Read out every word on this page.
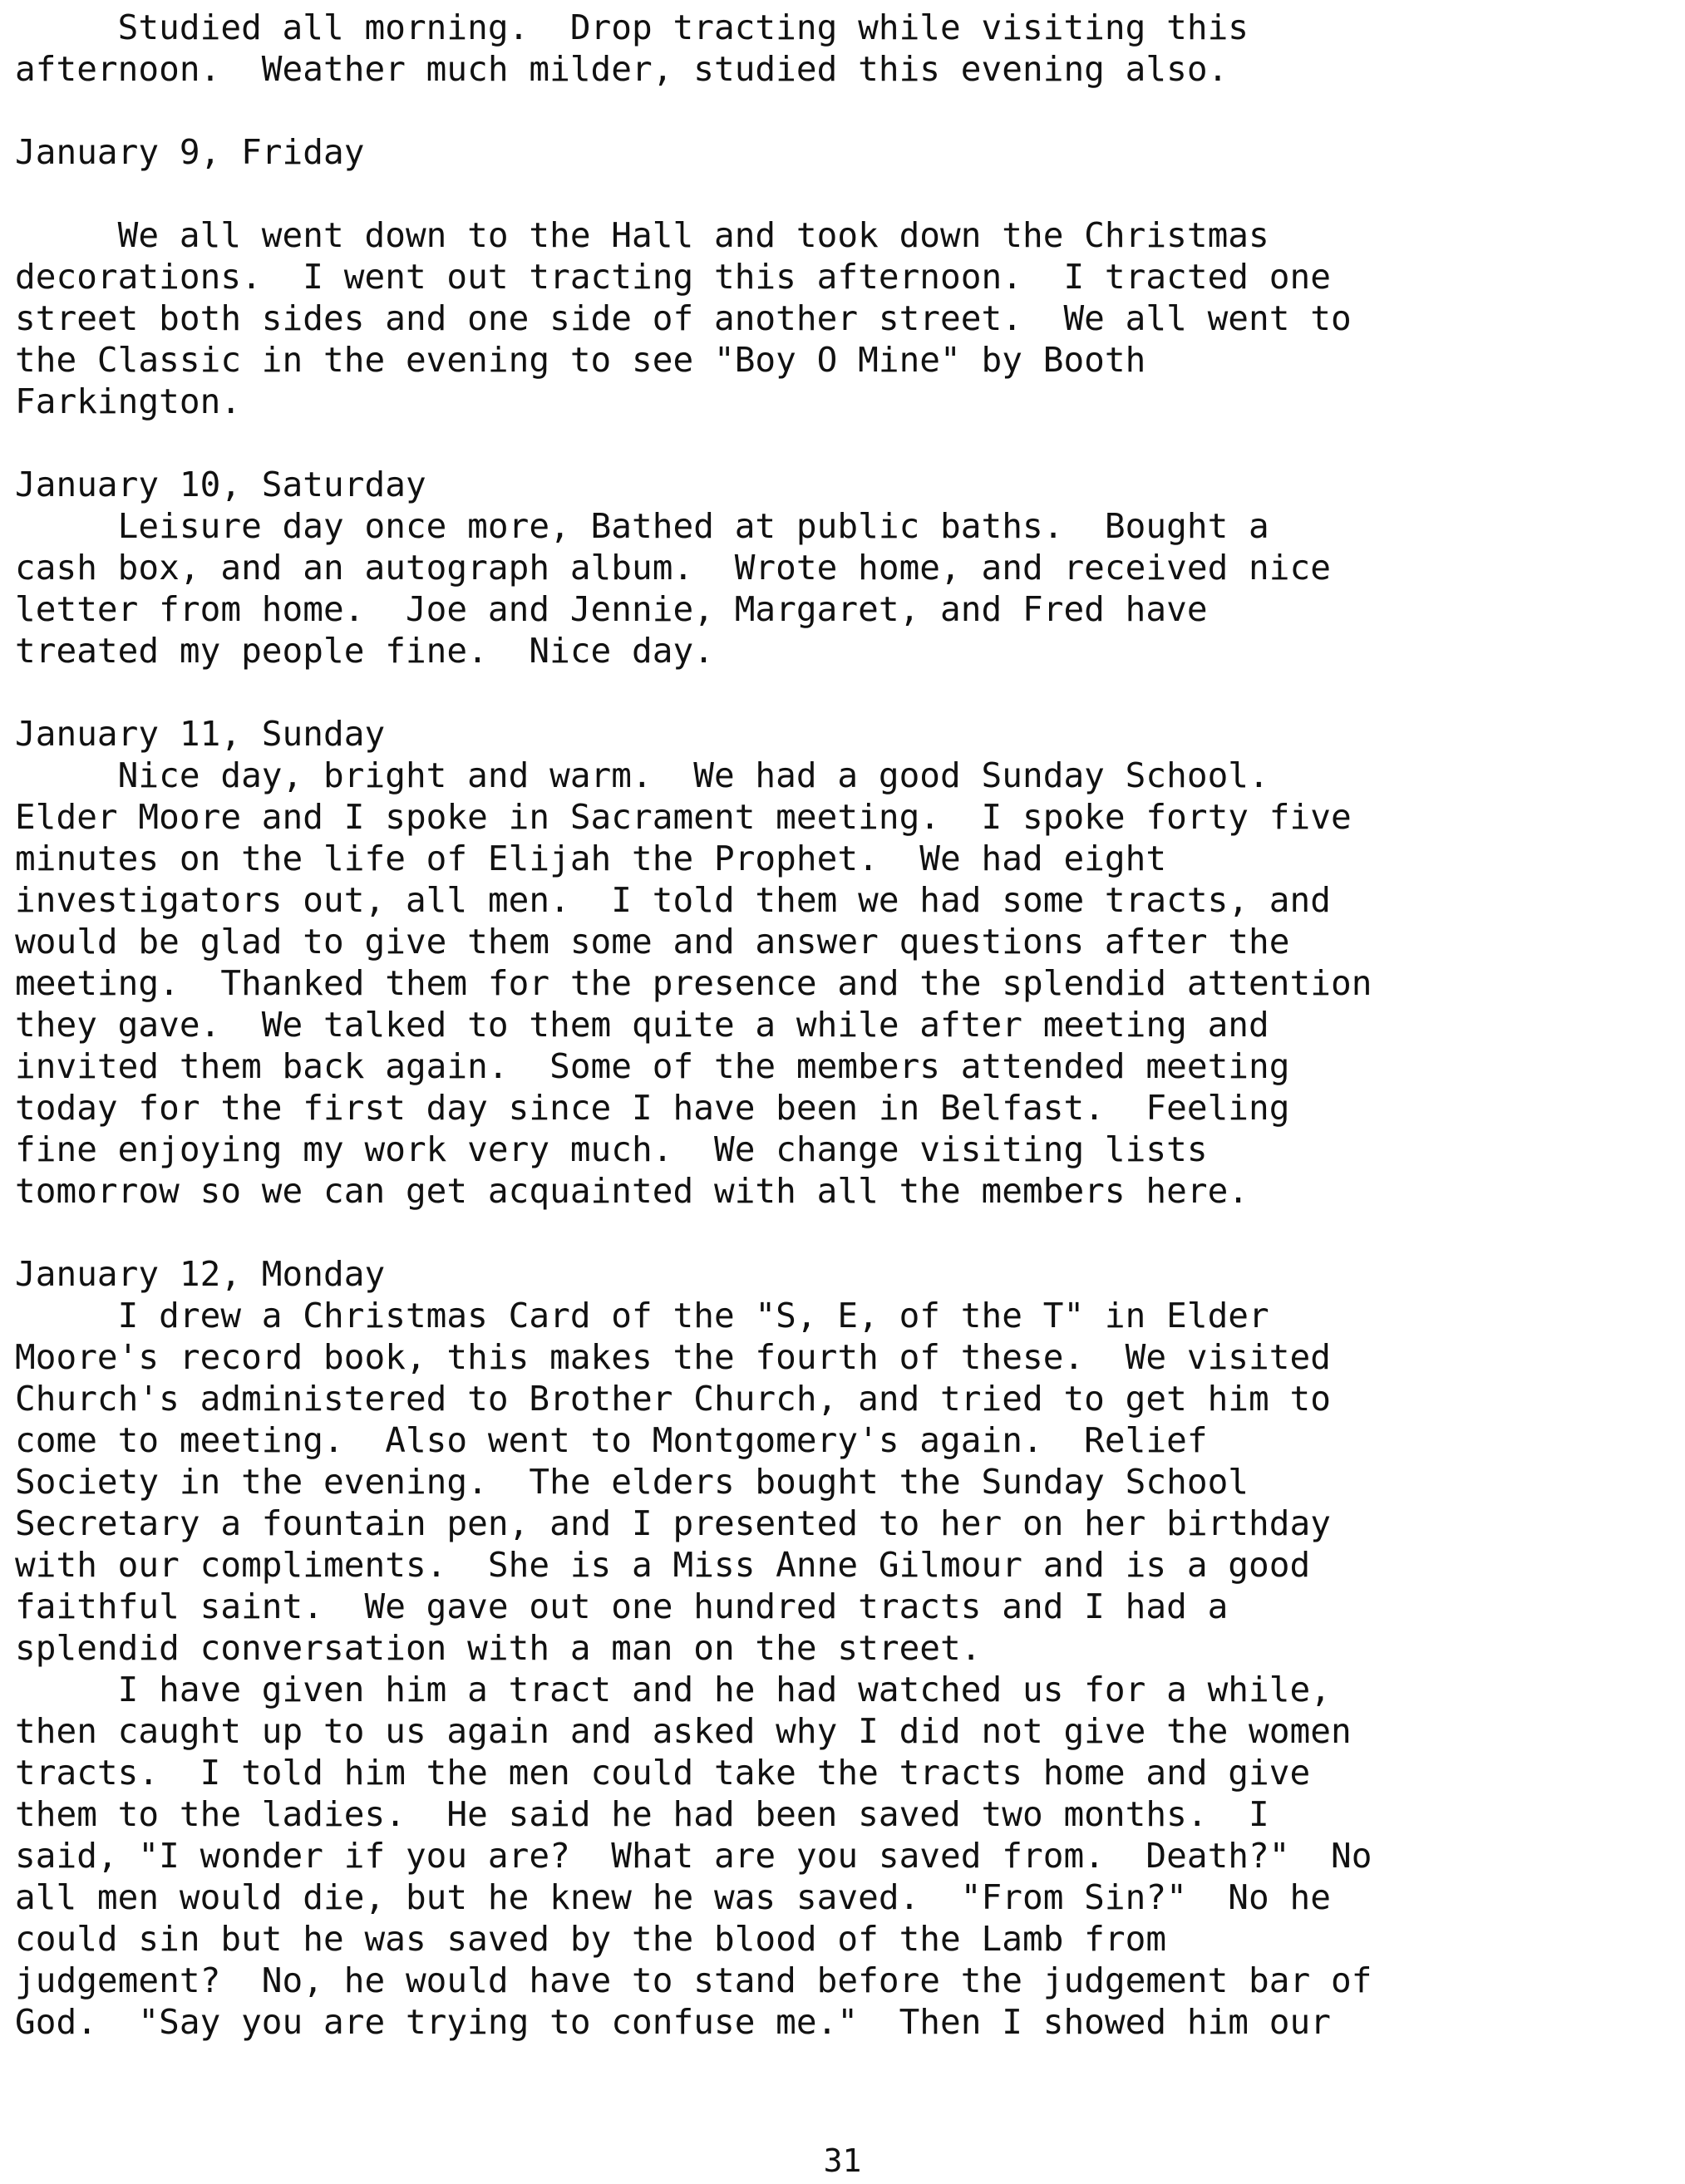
Studied all morning.  Drop tracting while visiting this
afternoon.  Weather much milder, studied this evening also.
January 9, Friday
We all went down to the Hall and took down the Christmas
decorations.  I went out tracting this afternoon.  I tracted one
street both sides and one side of another street.  We all went to
the Classic in the evening to see "Boy O Mine" by Booth
Farkington.
January 10, Saturday
Leisure day once more, Bathed at public baths.  Bought a
cash box, and an autograph album.  Wrote home, and received nice
letter from home.  Joe and Jennie, Margaret, and Fred have
treated my people fine.  Nice day.
January 11, Sunday
Nice day, bright and warm.  We had a good Sunday School.
Elder Moore and I spoke in Sacrament meeting.  I spoke forty five
minutes on the life of Elijah the Prophet.  We had eight
investigators out, all men.  I told them we had some tracts, and
would be glad to give them some and answer questions after the
meeting.  Thanked them for the presence and the splendid attention
they gave.  We talked to them quite a while after meeting and
invited them back again.  Some of the members attended meeting
today for the first day since I have been in Belfast.  Feeling
fine enjoying my work very much.  We change visiting lists
tomorrow so we can get acquainted with all the members here.
January 12, Monday
I drew a Christmas Card of the "S, E, of the T" in Elder
Moore's record book, this makes the fourth of these.  We visited
Church's administered to Brother Church, and tried to get him to
come to meeting.  Also went to Montgomery's again.  Relief
Society in the evening.  The elders bought the Sunday School
Secretary a fountain pen, and I presented to her on her birthday
with our compliments.  She is a Miss Anne Gilmour and is a good
faithful saint.  We gave out one hundred tracts and I had a
splendid conversation with a man on the street.
I have given him a tract and he had watched us for a while,
then caught up to us again and asked why I did not give the women
tracts.  I told him the men could take the tracts home and give
them to the ladies.  He said he had been saved two months.  I
said, "I wonder if you are?  What are you saved from.  Death?"  No
all men would die, but he knew he was saved.  "From Sin?"  No he
could sin but he was saved by the blood of the Lamb from
judgement?  No, he would have to stand before the judgement bar of
God.  "Say you are trying to confuse me."  Then I showed him our
31
